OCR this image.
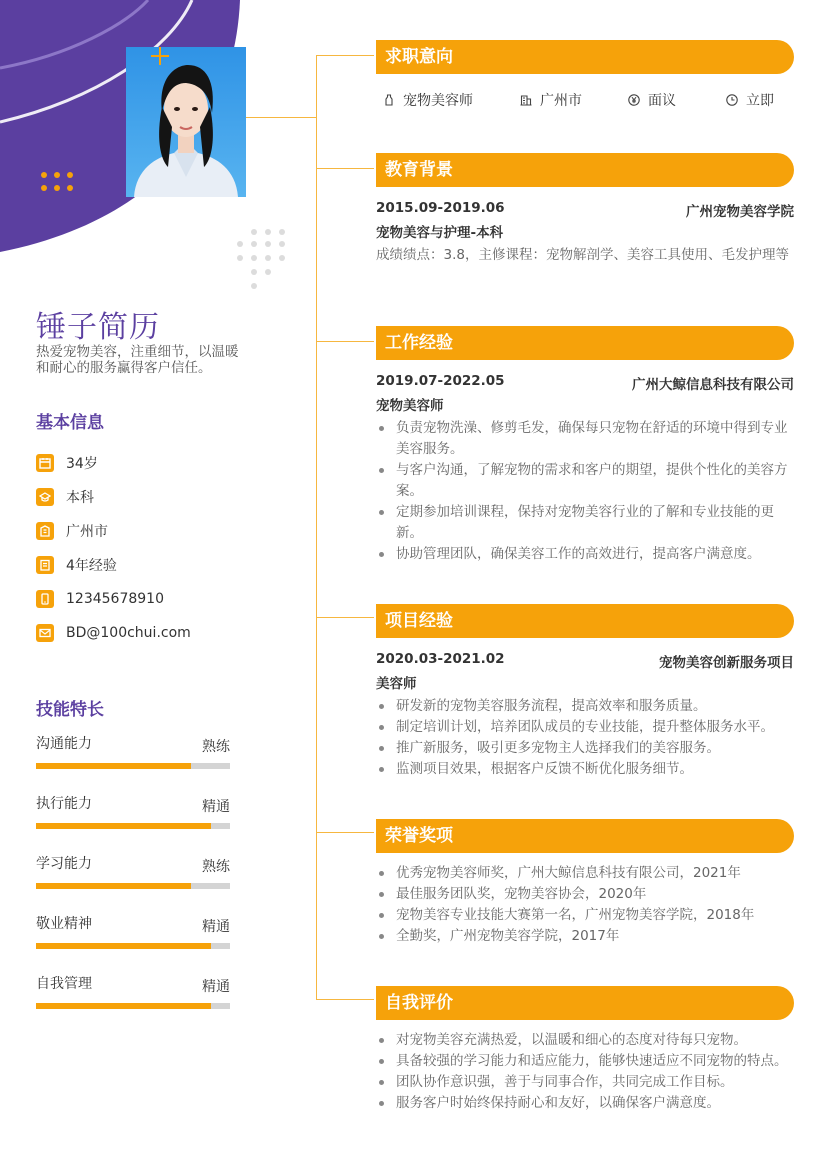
锤子简历
热爱宠物美容，注重细节，以温暖和耐心的服务赢得客户信任。
基本信息
34岁
本科
广州市
4年经验
12345678910
BD@100chui.com
技能特长
沟通能力	熟练
执行能力	精通
学习能力	熟练
敬业精神	精通
自我管理	精通
求职意向
宠物美容师	广州市	面议	立即
教育背景
2015.09-2019.06	广州宠物美容学院
宠物美容与护理-本科
成绩绩点：3.8，主修课程：宠物解剖学、美容工具使用、毛发护理等
工作经验
2019.07-2022.05	广州大鲸信息科技有限公司
宠物美容师
负责宠物洗澡、修剪毛发，确保每只宠物在舒适的环境中得到专业美容服务。
与客户沟通，了解宠物的需求和客户的期望，提供个性化的美容方案。
定期参加培训课程，保持对宠物美容行业的了解和专业技能的更新。
协助管理团队，确保美容工作的高效进行，提高客户满意度。
项目经验
2020.03-2021.02	宠物美容创新服务项目
美容师
研发新的宠物美容服务流程，提高效率和服务质量。
制定培训计划，培养团队成员的专业技能，提升整体服务水平。
推广新服务，吸引更多宠物主人选择我们的美容服务。
监测项目效果，根据客户反馈不断优化服务细节。
荣誉奖项
优秀宠物美容师奖，广州大鲸信息科技有限公司，2021年
最佳服务团队奖，宠物美容协会，2020年
宠物美容专业技能大赛第一名，广州宠物美容学院，2018年
全勤奖，广州宠物美容学院，2017年
自我评价
对宠物美容充满热爱，以温暖和细心的态度对待每只宠物。
具备较强的学习能力和适应能力，能够快速适应不同宠物的特点。
团队协作意识强，善于与同事合作，共同完成工作目标。
服务客户时始终保持耐心和友好，以确保客户满意度。
